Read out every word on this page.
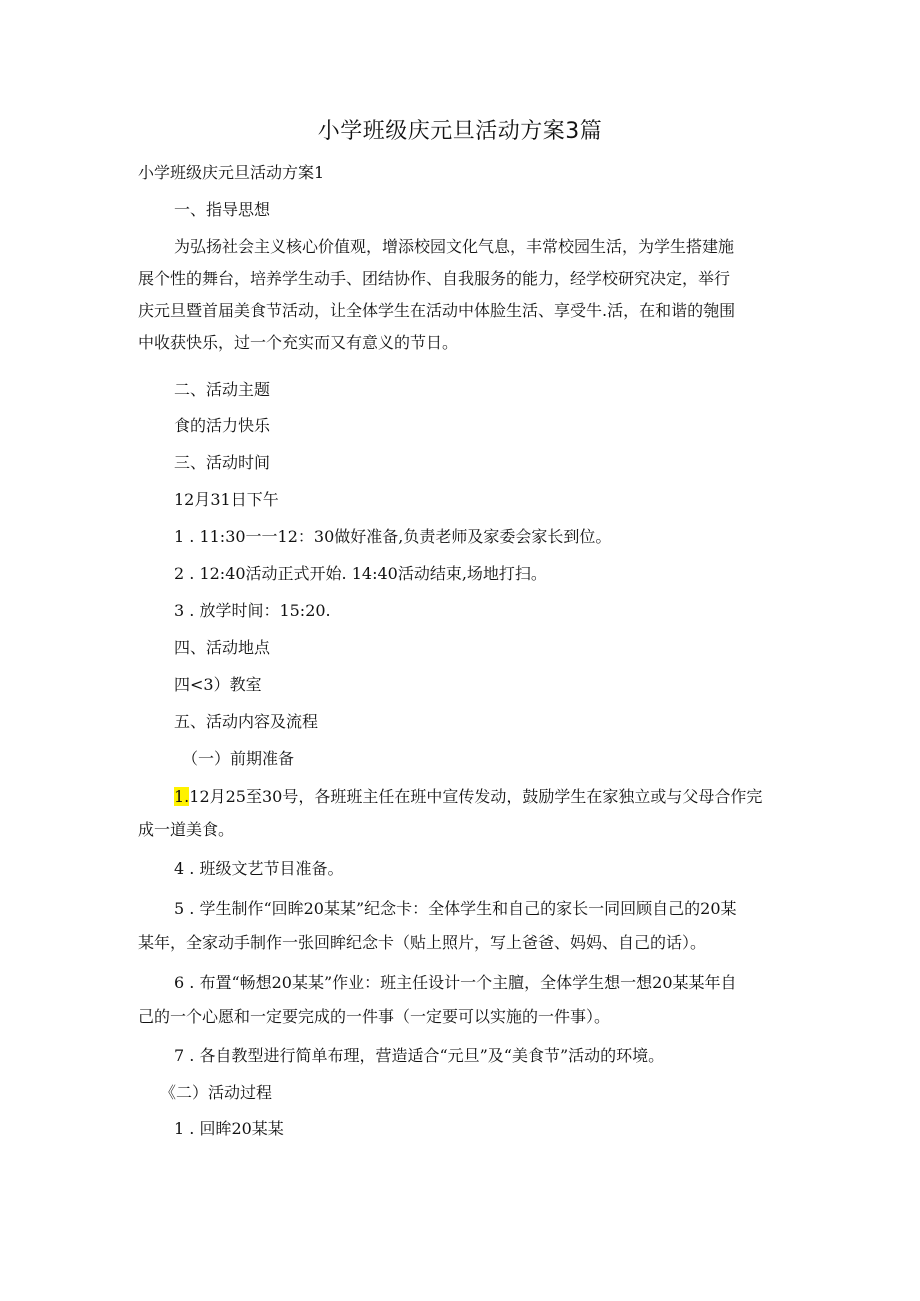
小学班级庆元旦活动方案3篇

小学班级庆元旦活动方案1

一、指导思想

为弘扬社会主义核心价值观，增添校园文化气息，丰常校园生活，为学生搭建施

展个性的舞台，培养学生动手、团结协作、自我服务的能力，经学校研究决定，举行

庆元旦暨首届美食节活动，让全体学生在活动中体脸生活、享受牛.活，在和谐的匏围

中收获快乐，过一个充实而又有意义的节日。

二、活动主题

食的活力快乐

三、活动时间

12月31日下午

1 . 11:30一一12：30做好准备,负责老师及家委会家长到位。

2 . 12:40活动正式开始. 14:40活动结束,场地打扫。

3 . 放学时间：15:20.

四、活动地点

四<3）教室

五、活动内容及流程

（一）前期准备

1.12月25至30号，各班班主任在班中宣传发动，鼓励学生在家独立或与父母合作完

成一道美食。

4 . 班级文艺节目准备。

5 . 学生制作“回眸20某某”纪念卡：全体学生和自己的家长一同回顾自己的20某

某年，全家动手制作一张回眸纪念卡（贴上照片，写上爸爸、妈妈、自己的话）。

6 . 布置“畅想20某某”作业：班主任设计一个主膻，全体学生想一想20某某年自

己的一个心愿和一定要完成的一件事（一定要可以实施的一件事）。

7 . 各自教型进行简单布理，营造适合“元旦”及“美食节”活动的环境。

《二）活动过程

1 . 回眸20某某
